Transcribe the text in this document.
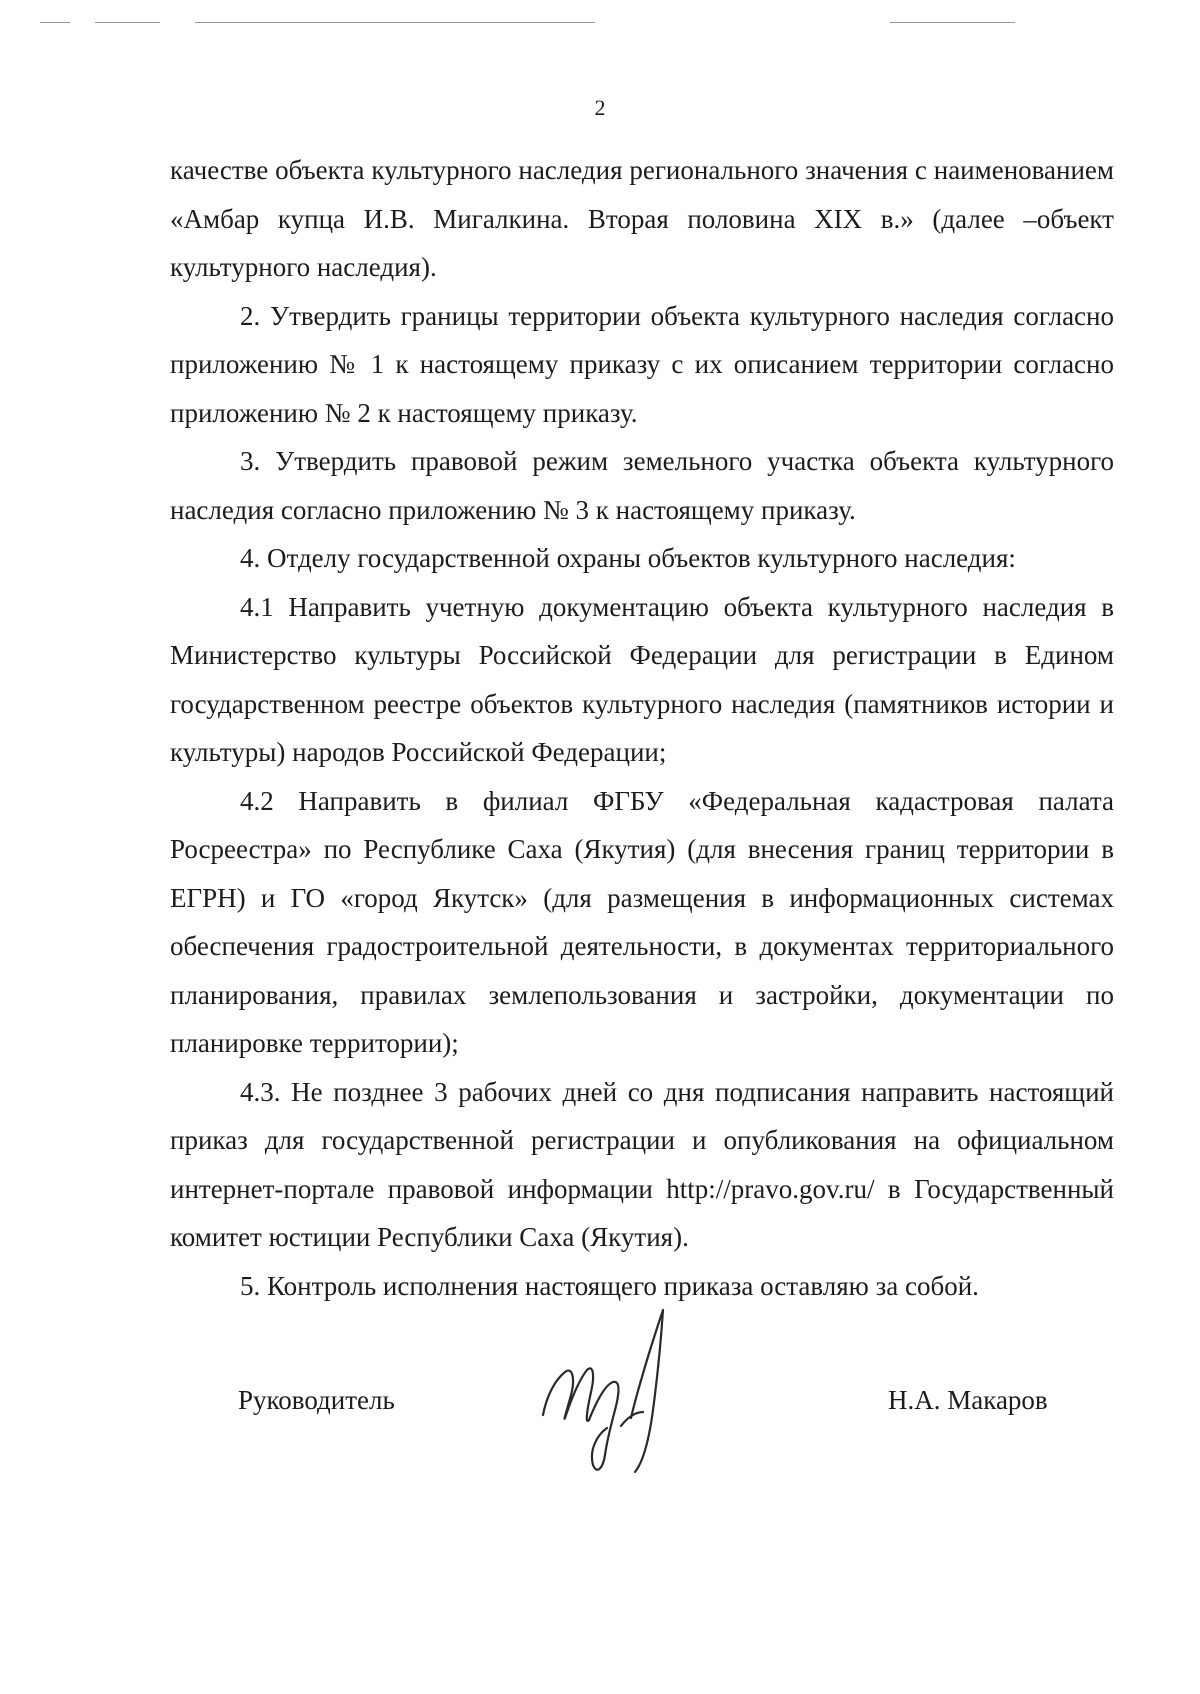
2

качестве объекта культурного наследия регионального значения с наименованием «Амбар купца И.В. Мигалкина. Вторая половина XIX в.» (далее –объект культурного наследия).

2. Утвердить границы территории объекта культурного наследия согласно приложению № 1 к настоящему приказу с их описанием территории согласно приложению № 2 к настоящему приказу.

3. Утвердить правовой режим земельного участка объекта культурного наследия согласно приложению № 3 к настоящему приказу.

4. Отделу государственной охраны объектов культурного наследия:

4.1 Направить учетную документацию объекта культурного наследия в Министерство культуры Российской Федерации для регистрации в Едином государственном реестре объектов культурного наследия (памятников истории и культуры) народов Российской Федерации;

4.2 Направить в филиал ФГБУ «Федеральная кадастровая палата Росреестра» по Республике Саха (Якутия) (для внесения границ территории в ЕГРН) и ГО «город Якутск» (для размещения в информационных системах обеспечения градостроительной деятельности, в документах территориального планирования, правилах землепользования и застройки, документации по планировке территории);

4.3. Не позднее 3 рабочих дней со дня подписания направить настоящий приказ для государственной регистрации и опубликования на официальном интернет-портале правовой информации http://pravo.gov.ru/ в Государственный комитет юстиции Республики Саха (Якутия).

5. Контроль исполнения настоящего приказа оставляю за собой.

Руководитель	Н.А. Макаров
